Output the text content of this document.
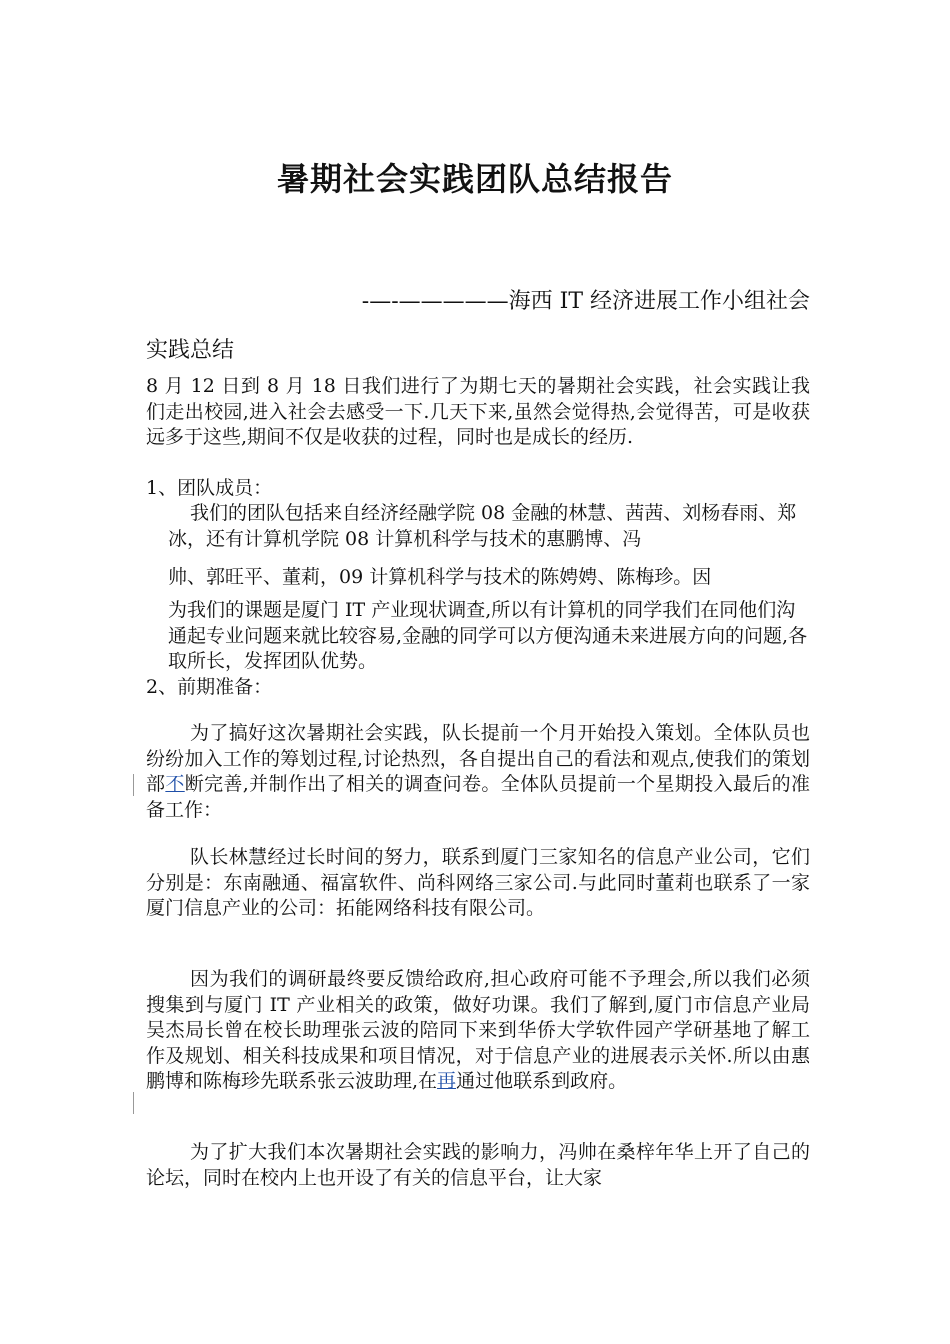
暑期社会实践团队总结报告
-—-—————海西 IT 经济进展工作小组社会
实践总结
8 月 12 日到 8 月 18 日我们进行了为期七天的暑期社会实践，社会实践让我们走出校园,进入社会去感受一下.几天下来,虽然会觉得热,会觉得苦，可是收获远多于这些,期间不仅是收获的过程，同时也是成长的经历.
1、团队成员：
我们的团队包括来自经济经融学院 08 金融的林慧、茜茜、刘杨春雨、郑冰，还有计算机学院 08 计算机科学与技术的惠鹏博、冯
帅、郭旺平、董莉，09 计算机科学与技术的陈娉娉、陈梅珍。因
为我们的课题是厦门 IT 产业现状调查,所以有计算机的同学我们在同他们沟通起专业问题来就比较容易,金融的同学可以方便沟通未来进展方向的问题,各取所长，发挥团队优势。
2、前期准备：
为了搞好这次暑期社会实践，队长提前一个月开始投入策划。全体队员也纷纷加入工作的筹划过程,讨论热烈，各自提出自己的看法和观点,使我们的策划部不断完善,并制作出了相关的调查问卷。全体队员提前一个星期投入最后的准备工作：
队长林慧经过长时间的努力，联系到厦门三家知名的信息产业公司，它们分别是：东南融通、福富软件、尚科网络三家公司.与此同时董莉也联系了一家厦门信息产业的公司：拓能网络科技有限公司。
因为我们的调研最终要反馈给政府,担心政府可能不予理会,所以我们必须搜集到与厦门 IT 产业相关的政策，做好功课。我们了解到,厦门市信息产业局吴杰局长曾在校长助理张云波的陪同下来到华侨大学软件园产学研基地了解工作及规划、相关科技成果和项目情况，对于信息产业的进展表示关怀.所以由惠鹏博和陈梅珍先联系张云波助理,在再通过他联系到政府。
为了扩大我们本次暑期社会实践的影响力，冯帅在桑梓年华上开了自己的论坛，同时在校内上也开设了有关的信息平台，让大家
